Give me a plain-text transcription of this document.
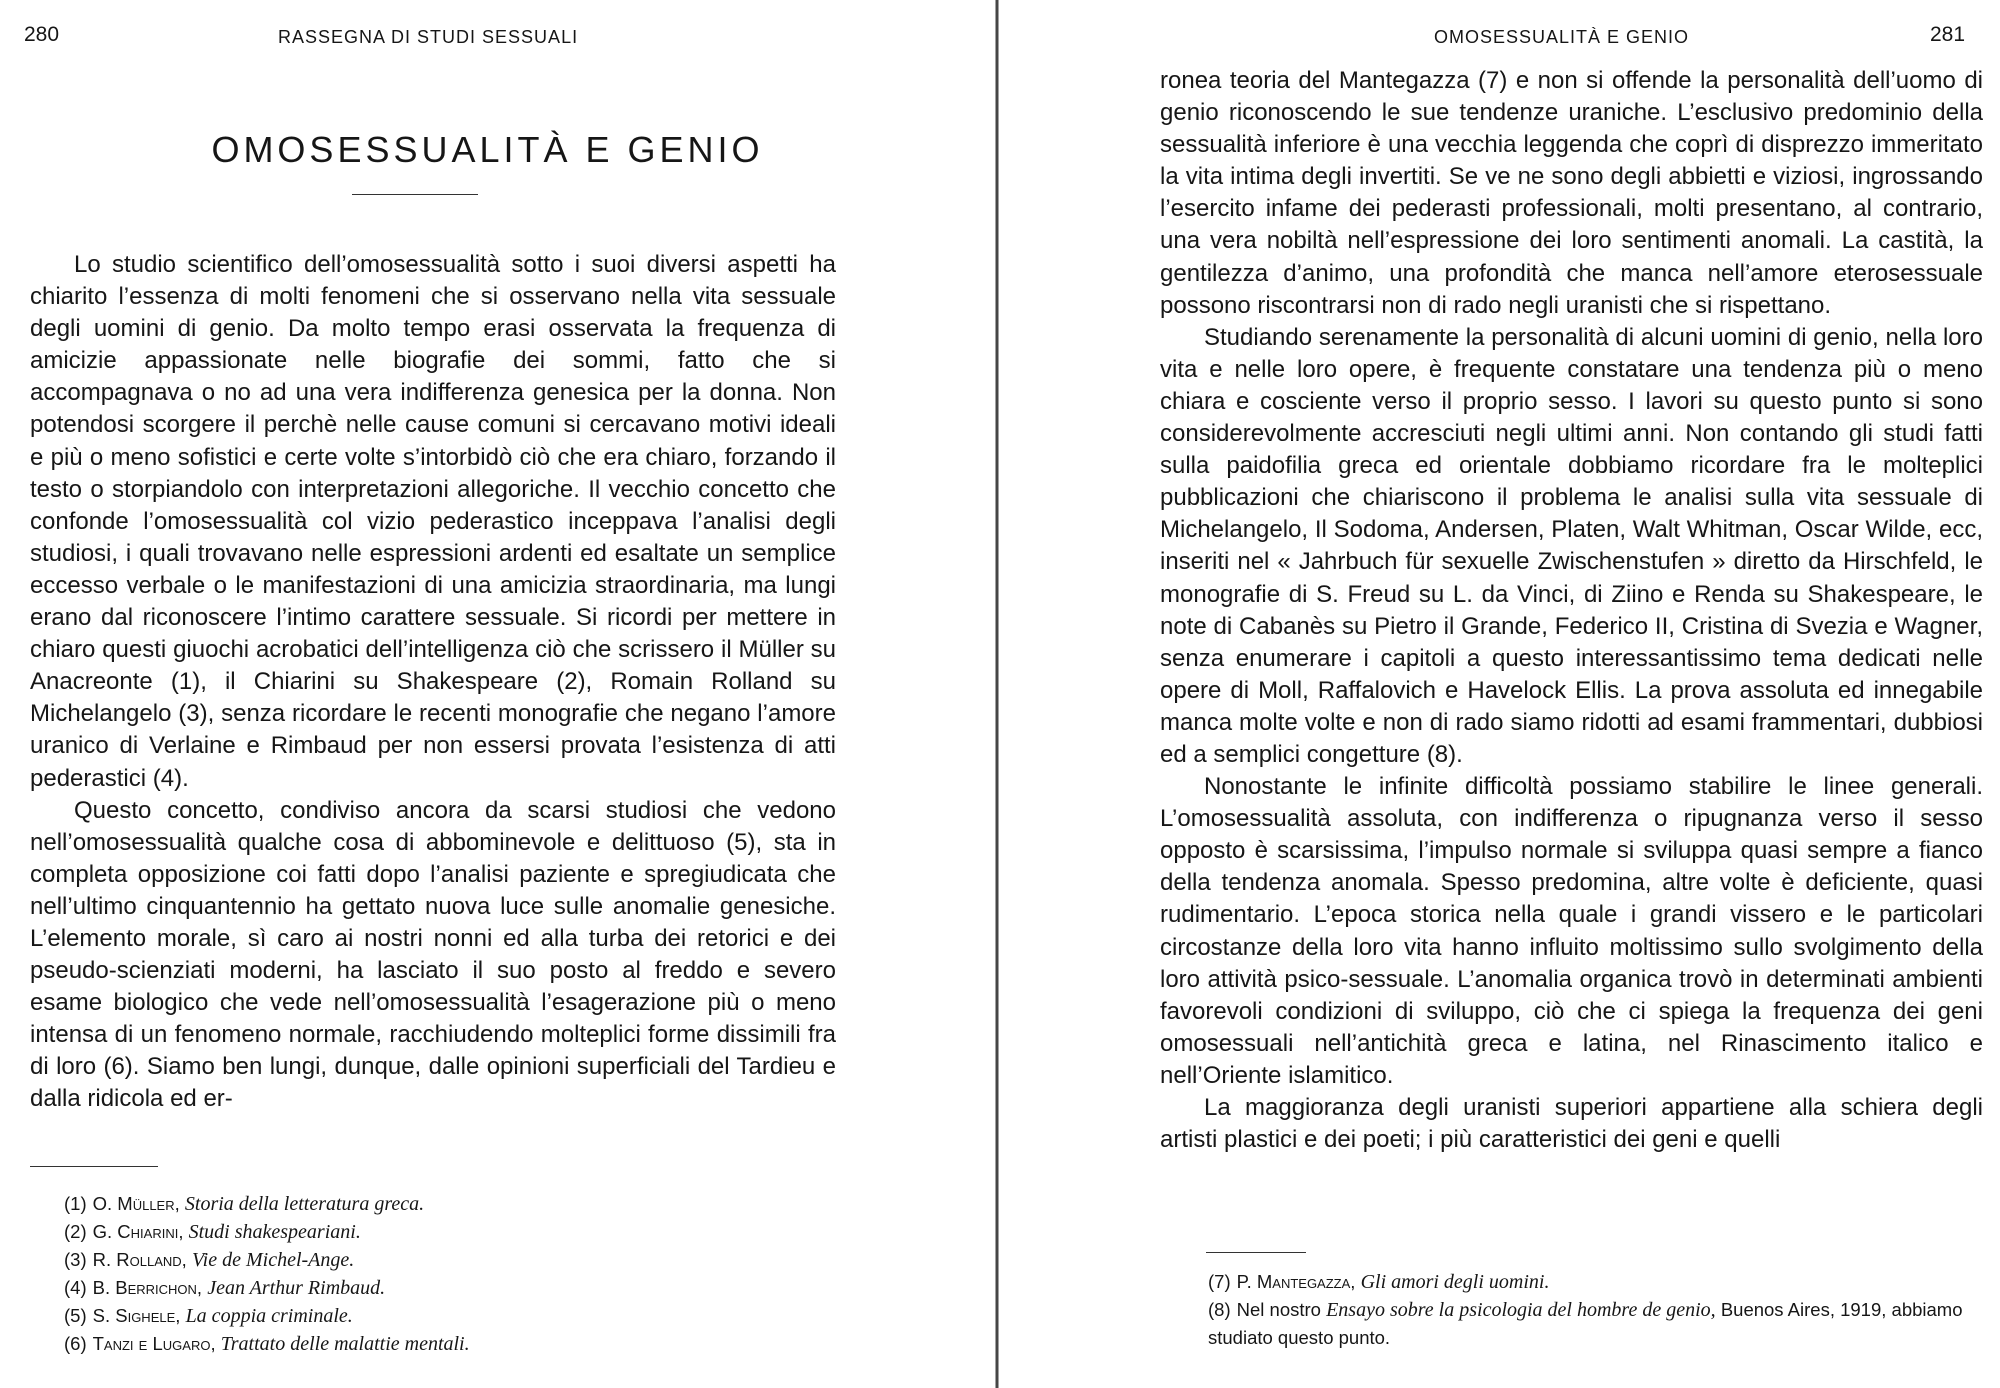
280	RASSEGNA DI STUDI SESSUALI
OMOSESSUALITÀ E GENIO

Lo studio scientifico dell’omosessualità sotto i suoi diversi aspetti ha chiarito l’essenza di molti fenomeni che si osservano nella vita sessuale degli uomini di genio. Da molto tempo erasi osservata la frequenza di amicizie appassionate nelle biografie dei sommi, fatto che si accompagnava o no ad una vera indifferenza genesica per la donna. Non potendosi scorgere il perchè nelle cause comuni si cercavano motivi ideali e più o meno sofistici e certe volte s’intorbidò ciò che era chiaro, forzando il testo o storpiandolo con interpretazioni allegoriche. Il vecchio concetto che confonde l’omosessualità col vizio pederastico inceppava l’analisi degli studiosi, i quali trovavano nelle espressioni ardenti ed esaltate un semplice eccesso verbale o le manifestazioni di una amicizia straordinaria, ma lungi erano dal riconoscere l’intimo carattere sessuale. Si ricordi per mettere in chiaro questi giuochi acrobatici dell’intelligenza ciò che scrissero il Müller su Anacreonte (1), il Chiarini su Shakespeare (2), Romain Rolland su Michelangelo (3), senza ricordare le recenti monografie che negano l’amore uranico di Verlaine e Rimbaud per non essersi provata l’esistenza di atti pederastici (4).

Questo concetto, condiviso ancora da scarsi studiosi che vedono nell’omosessualità qualche cosa di abbominevole e delittuoso (5), sta in completa opposizione coi fatti dopo l’analisi paziente e spregiudicata che nell’ultimo cinquantennio ha gettato nuova luce sulle anomalie genesiche. L’elemento morale, sì caro ai nostri nonni ed alla turba dei retorici e dei pseudo-scienziati moderni, ha lasciato il suo posto al freddo e severo esame biologico che vede nell’omosessualità l’esagerazione più o meno intensa di un fenomeno normale, racchiudendo molteplici forme dissimili fra di loro (6). Siamo ben lungi, dunque, dalle opinioni superficiali del Tardieu e dalla ridicola ed er-

(1) O. Müller, Storia della letteratura greca.
(2) G. Chiarini, Studi shakespeariani.
(3) R. Rolland, Vie de Michel-Ange.
(4) B. Berrichon, Jean Arthur Rimbaud.
(5) S. Sighele, La coppia criminale.
(6) Tanzi e Lugaro, Trattato delle malattie mentali.
OMOSESSUALITÀ E GENIO	281

ronea teoria del Mantegazza (7) e non si offende la personalità dell’uomo di genio riconoscendo le sue tendenze uraniche. L’esclusivo predominio della sessualità inferiore è una vecchia leggenda che coprì di disprezzo immeritato la vita intima degli invertiti. Se ve ne sono degli abbietti e viziosi, ingrossando l’esercito infame dei pederasti professionali, molti presentano, al contrario, una vera nobiltà nell’espressione dei loro sentimenti anomali. La castità, la gentilezza d’animo, una profondità che manca nell’amore eterosessuale possono riscontrarsi non di rado negli uranisti che si rispettano.

Studiando serenamente la personalità di alcuni uomini di genio, nella loro vita e nelle loro opere, è frequente constatare una tendenza più o meno chiara e cosciente verso il proprio sesso. I lavori su questo punto si sono considerevolmente accresciuti negli ultimi anni. Non contando gli studi fatti sulla paidofilia greca ed orientale dobbiamo ricordare fra le molteplici pubblicazioni che chiariscono il problema le analisi sulla vita sessuale di Michelangelo, Il Sodoma, Andersen, Platen, Walt Whitman, Oscar Wilde, ecc, inseriti nel « Jahrbuch für sexuelle Zwischenstufen » diretto da Hirschfeld, le monografie di S. Freud su L. da Vinci, di Ziino e Renda su Shakespeare, le note di Cabanès su Pietro il Grande, Federico II, Cristina di Svezia e Wagner, senza enumerare i capitoli a questo interessantissimo tema dedicati nelle opere di Moll, Raffalovich e Havelock Ellis. La prova assoluta ed innegabile manca molte volte e non di rado siamo ridotti ad esami frammentari, dubbiosi ed a semplici congetture (8).

Nonostante le infinite difficoltà possiamo stabilire le linee generali. L’omosessualità assoluta, con indifferenza o ripugnanza verso il sesso opposto è scarsissima, l’impulso normale si sviluppa quasi sempre a fianco della tendenza anomala. Spesso predomina, altre volte è deficiente, quasi rudimentario. L’epoca storica nella quale i grandi vissero e le particolari circostanze della loro vita hanno influito moltissimo sullo svolgimento della loro attività psico-sessuale. L’anomalia organica trovò in determinati ambienti favorevoli condizioni di sviluppo, ciò che ci spiega la frequenza dei geni omosessuali nell’antichità greca e latina, nel Rinascimento italico e nell’Oriente islamitico.

La maggioranza degli uranisti superiori appartiene alla schiera degli artisti plastici e dei poeti; i più caratteristici dei geni e quelli

(7) P. Mantegazza, Gli amori degli uomini.
(8) Nel nostro Ensayo sobre la psicologia del hombre de genio, Buenos Aires, 1919, abbiamo studiato questo punto.
